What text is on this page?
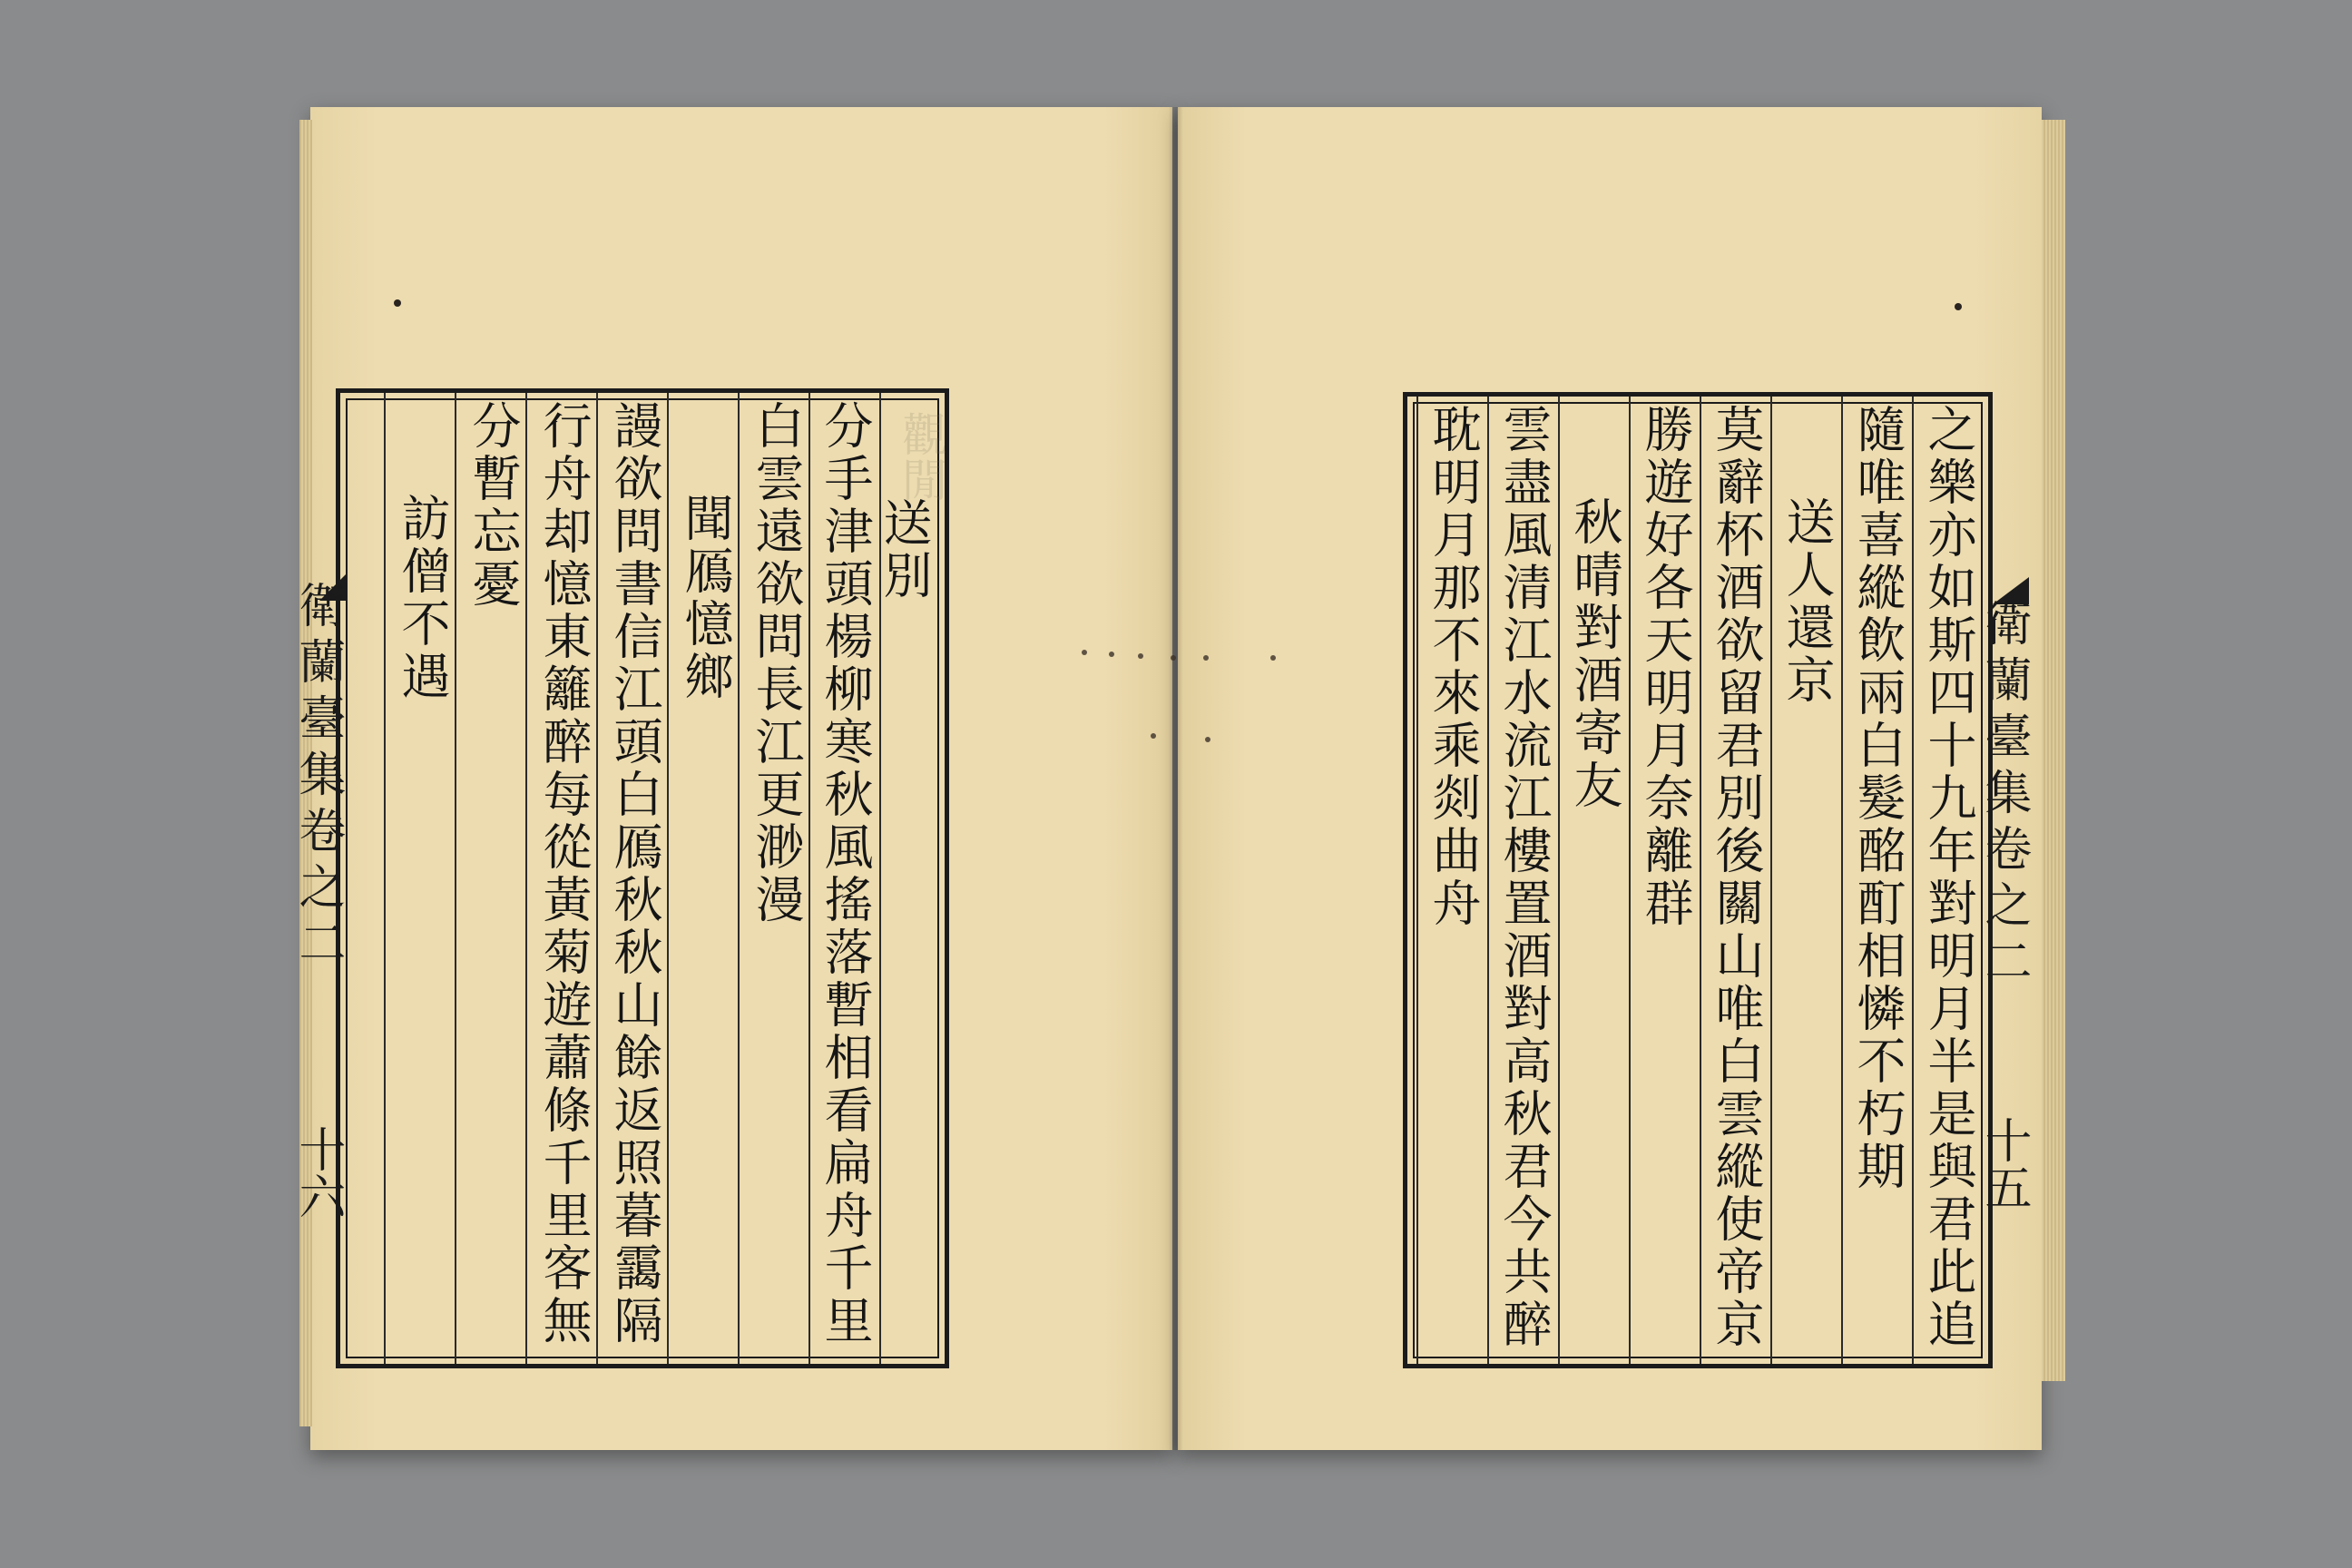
觀閒
分手津頭楊柳寒秋風搖落暫相看扁舟千里
白雲遠欲問長江更渺漫
聞鴈憶鄉
謾欲問書信江頭白鴈秋秋山餘返照暮靄隔
行舟却憶東籬醉每從黃菊遊蕭條千里客無
分暫忘憂
訪僧不遇	送別
衛蘭臺集卷之二
十六	之樂亦如斯四十九年對明月半是與君此追
隨唯喜縱飲兩白髮酩酊相憐不朽期
送人還京
莫辭杯酒欲留君別後關山唯白雲縱使帝京
勝遊好各天明月奈離群
秋晴對酒寄友
雲盡風清江水流江樓置酒對高秋君今共醉
耽明月那不來乘剡曲舟	衛蘭臺集卷之二
十五
